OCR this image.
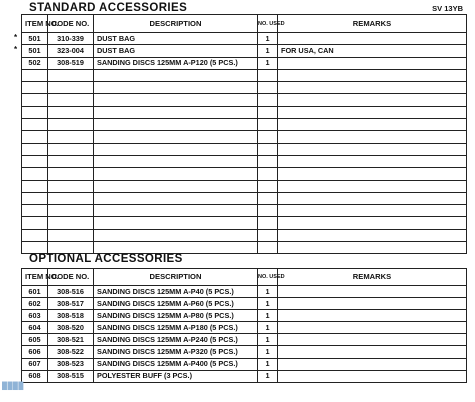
STANDARD ACCESSORIES	SV 13YB
ITEM NO.	CODE NO.	DESCRIPTION	NO. USED	REMARKS
501	310-339	DUST BAG	1	
501	323-004	DUST BAG	1	FOR USA, CAN
502	308-519	SANDING DISCS 125MM A-P120 (5 PCS.)	1	

OPTIONAL ACCESSORIES
ITEM NO.	CODE NO.	DESCRIPTION	NO. USED	REMARKS
601	308-516	SANDING DISCS 125MM A-P40 (5 PCS.)	1	
602	308-517	SANDING DISCS 125MM A-P60 (5 PCS.)	1	
603	308-518	SANDING DISCS 125MM A-P80 (5 PCS.)	1	
604	308-520	SANDING DISCS 125MM A-P180 (5 PCS.)	1	
605	308-521	SANDING DISCS 125MM A-P240 (5 PCS.)	1	
606	308-522	SANDING DISCS 125MM A-P320 (5 PCS.)	1	
607	308-523	SANDING DISCS 125MM A-P400 (5 PCS.)	1	
608	308-515	POLYESTER BUFF (3 PCS.)	1	
████
*
*
